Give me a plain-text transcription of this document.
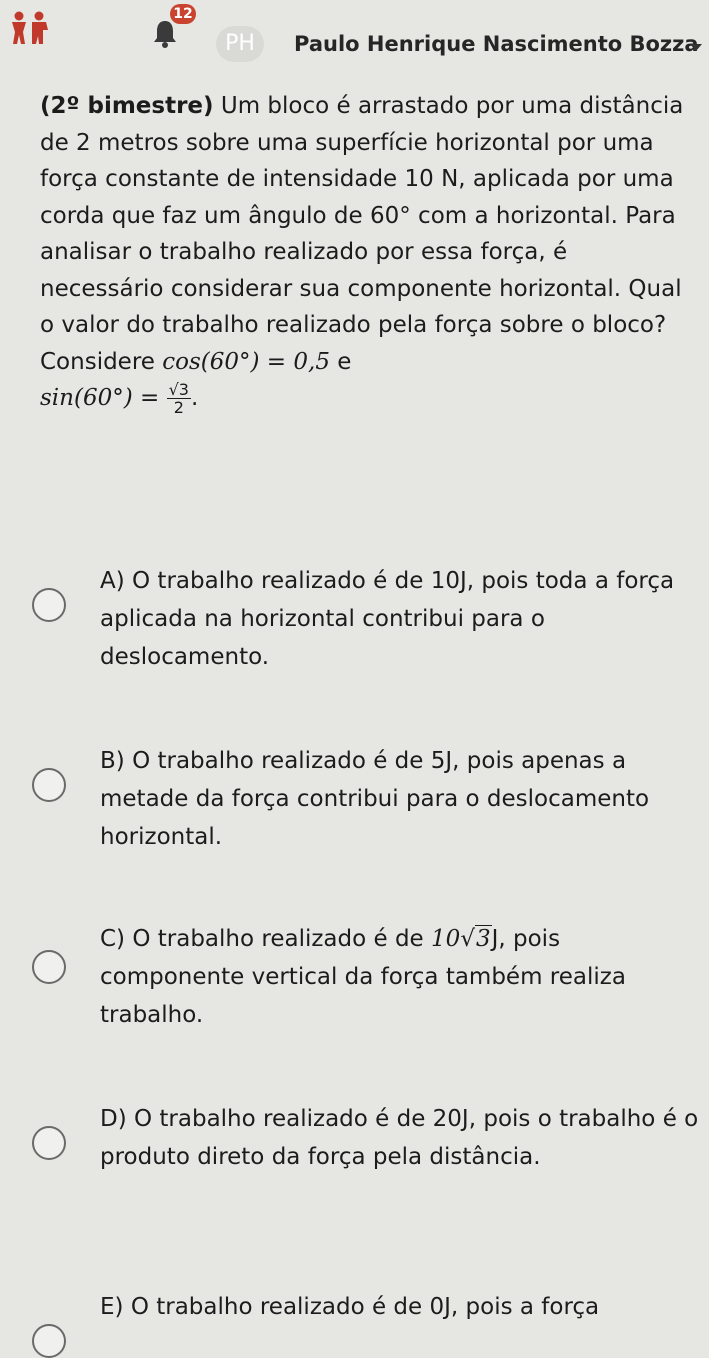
12
PH	Paulo Henrique Nascimento Bozza
(2º bimestre) Um bloco é arrastado por uma distância de 2 metros sobre uma superfície horizontal por uma força constante de intensidade 10 N, aplicada por uma corda que faz um ângulo de 60° com a horizontal. Para analisar o trabalho realizado por essa força, é necessário considerar sua componente horizontal. Qual o valor do trabalho realizado pela força sobre o bloco? Considere cos(60°) = 0,5 e
$\sin(60^\circ) = \frac{√3}{2}$ .
A) O trabalho realizado é de 10J, pois toda a força aplicada na horizontal contribui para o deslocamento.
B) O trabalho realizado é de 5J, pois apenas a metade da força contribui para o deslocamento horizontal.
C) O trabalho realizado é de 10√3J, pois componente vertical da força também realiza trabalho.
D) O trabalho realizado é de 20J, pois o trabalho é o produto direto da força pela distância.
E) O trabalho realizado é de 0J, pois a força
